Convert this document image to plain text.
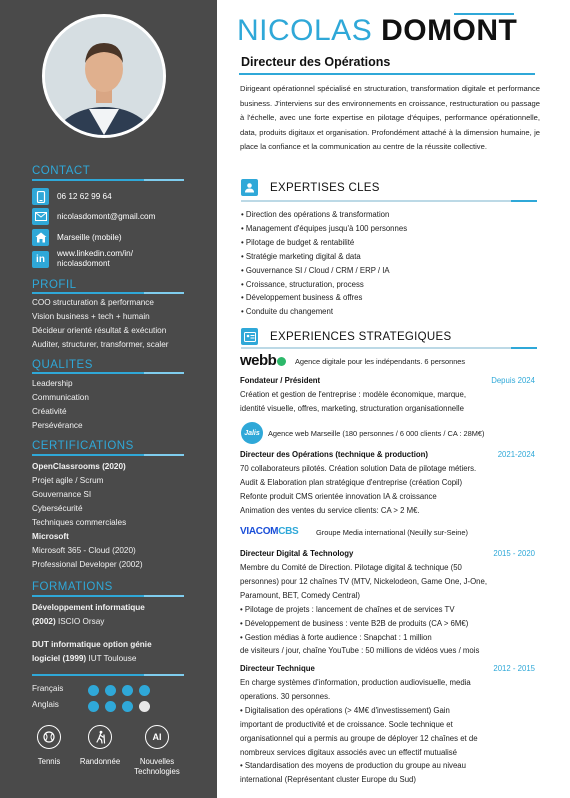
CONTACT
06 12 62 99 64
nicolasdomont@gmail.com
Marseille (mobile)
in www.linkedin.com/in/
nicolasdomont
PROFIL
COO structuration & performance
Vision business + tech + humain
Décideur orienté résultat & exécution
Auditer, structurer, transformer, scaler
QUALITES
Leadership
Communication
Créativité
Persévérance
CERTIFICATIONS
OpenClassrooms (2020)
Projet agile / Scrum
Gouvernance SI
Cybersécurité
Techniques commerciales
Microsoft
Microsoft 365 - Cloud (2020)
Professional Developer (2002)
FORMATIONS
Développement informatique
(2002) ISCIO Orsay
DUT informatique option génie
logiciel (1999) IUT Toulouse
Français
Anglais
Tennis	Randonnée
AI
Nouvelles
Technologies
NICOLAS DOMONT
Directeur des Opérations
Dirigeant opérationnel spécialisé en structuration, transformation digitale et performance business. J'interviens sur des environnements en croissance, restructuration ou passage à l'échelle, avec une forte expertise en pilotage d'équipes, performance opérationnelle, data, produits digitaux et organisation. Profondément attaché à la dimension humaine, je place la confiance et la communication au centre de la réussite collective.
EXPERTISES CLES
• Direction des opérations & transformation
• Management d'équipes jusqu'à 100 personnes
• Pilotage de budget & rentabilité
• Stratégie marketing digital & data
• Gouvernance SI / Cloud / CRM / ERP / IA
• Croissance, structuration, process
• Développement business & offres
• Conduite du changement
EXPERIENCES STRATEGIQUES
webb	Agence digitale pour les indépendants. 6 personnes
Fondateur / Président	Depuis 2024
Création et gestion de l'entreprise : modèle économique, marque,
identité visuelle, offres, marketing, structuration organisationnelle
Jalis Agence web Marseille (180 personnes / 6 000 clients / CA : 28M€)
Directeur des Opérations (technique & production)	2021-2024
70 collaborateurs pilotés. Création solution Data de pilotage métiers.
Audit & Elaboration plan stratégique d'entreprise (création Copil)
Refonte produit CMS orientée innovation IA & croissance
Animation des ventes du service clients: CA > 2 M€.
VIACOMCBS Groupe Media international (Neuilly sur-Seine)
Directeur Digital & Technology	2015 - 2020
Membre du Comité de Direction. Pilotage digital & technique (50
personnes) pour 12 chaînes TV (MTV, Nickelodeon, Game One, J-One,
Paramount, BET, Comedy Central)
• Pilotage de projets : lancement de chaînes et de services TV
• Développement de business : vente B2B de produits (CA > 6M€)
• Gestion médias à forte audience : Snapchat : 1 million
de visiteurs / jour, chaîne YouTube : 50 millions de vidéos vues / mois
Directeur Technique	2012 - 2015
En charge systèmes d'information, production audiovisuelle, media
operations. 30 personnes.
• Digitalisation des opérations (> 4M€ d'investissement) Gain
important de productivité et de croissance. Socle technique et
organisationnel qui a permis au groupe de déployer 12 chaînes et de
nombreux services digitaux associés avec un effectif mutualisé
• Standardisation des moyens de production du groupe au niveau
international (Représentant cluster Europe du Sud)
